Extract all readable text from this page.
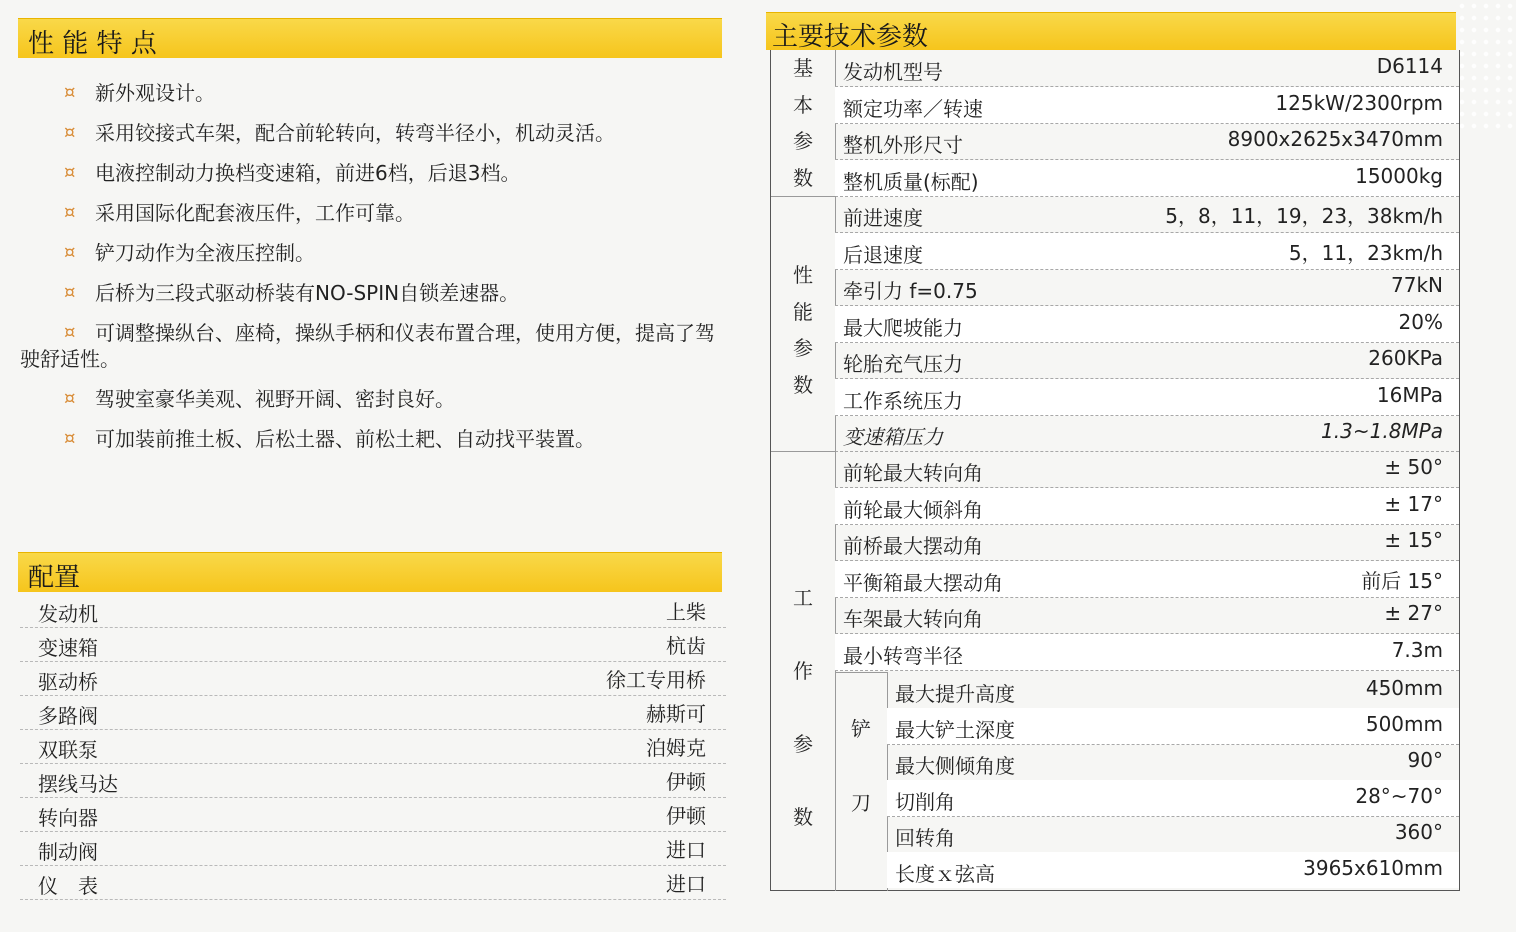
性 能 特 点
¤ 新外观设计。
¤ 采用铰接式车架，配合前轮转向，转弯半径小，机动灵活。
¤ 电液控制动力换档变速箱，前进6档，后退3档。
¤ 采用国际化配套液压件，工作可靠。
¤ 铲刀动作为全液压控制。
¤ 后桥为三段式驱动桥装有NO-SPIN自锁差速器。
¤ 可调整操纵台、座椅，操纵手柄和仪表布置合理，使用方便，提高了驾驶舒适性。
¤ 驾驶室豪华美观、视野开阔、密封良好。
¤ 可加装前推土板、后松土器、前松土耙、自动找平装置。
配置
发动机	上柴
变速箱	杭齿
驱动桥	徐工专用桥
多路阀	赫斯可
双联泵	泊姆克
摆线马达	伊顿
转向器	伊顿
制动阀	进口
仪　表	进口
主要技术参数
基
本
参
数
发动机型号	D6114
额定功率／转速	125kW/2300rpm
整机外形尺寸	8900x2625x3470mm
整机质量(标配)	15000kg
性
能
参
数
前进速度	5，8，11，19，23，38km/h
后退速度	5，11，23km/h
牵引力 f=0.75	77kN
最大爬坡能力	20%
轮胎充气压力	260KPa
工作系统压力	16MPa
变速箱压力	1.3~1.8MPa
工
作
参
数
前轮最大转向角	± 50°
前轮最大倾斜角	± 17°
前桥最大摆动角	± 15°
平衡箱最大摆动角	前后 15°
车架最大转向角	± 27°
最小转弯半径	7.3m
铲
刀
最大提升高度	450mm
最大铲土深度	500mm
最大侧倾角度	90°
切削角	28°~70°
回转角	360°
长度ｘ弦高	3965x610mm
